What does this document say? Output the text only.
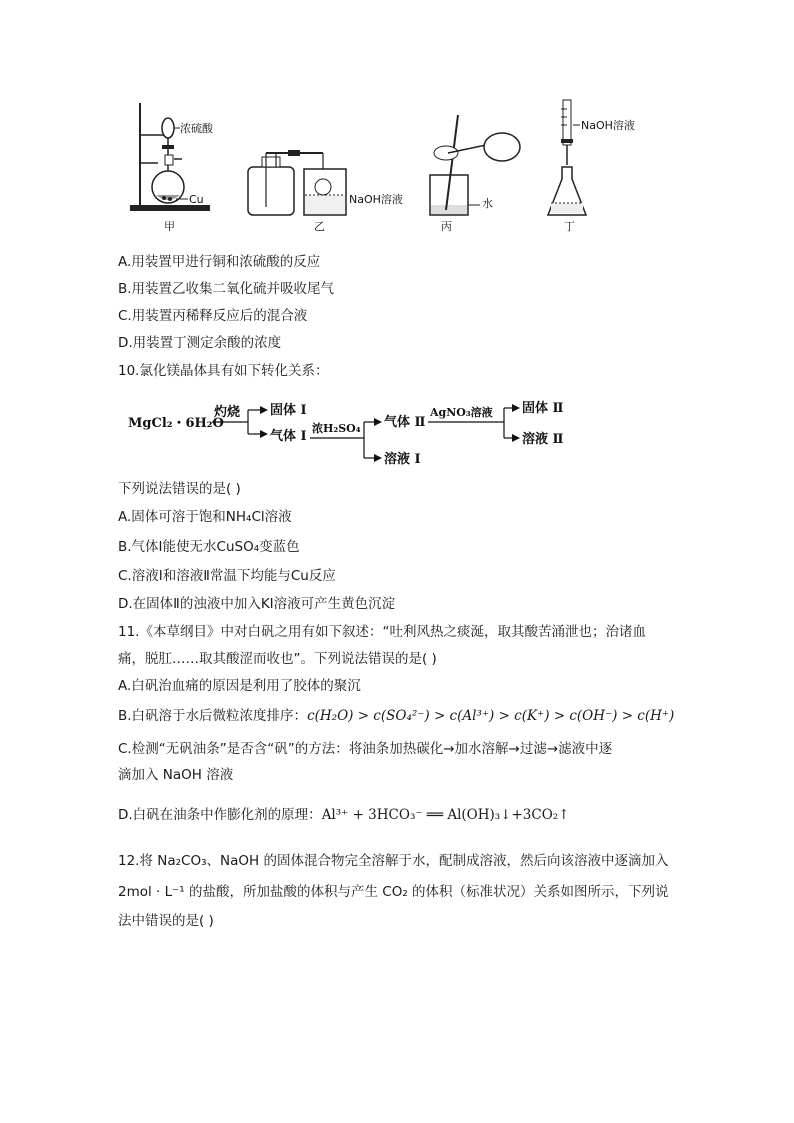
浓硫酸
Cu
甲
NaOH溶液
乙
水
丙
NaOH溶液
丁
A.用装置甲进行铜和浓硫酸的反应
B.用装置乙收集二氧化硫并吸收尾气
C.用装置丙稀释反应后的混合液
D.用装置丁测定余酸的浓度
10.氯化镁晶体具有如下转化关系：
MgCl₂・6H₂O
灼烧 固体 Ⅰ
气体 Ⅰ
浓H₂SO₄ 气体 Ⅱ
溶液 Ⅰ
AgNO₃溶液 固体 Ⅱ
溶液 Ⅱ
下列说法错误的是( )
A.固体可溶于饱和NH₄Cl溶液
B.气体Ⅰ能使无水CuSO₄变蓝色
C.溶液Ⅰ和溶液Ⅱ常温下均能与Cu反应
D.在固体Ⅱ的浊液中加入KI溶液可产生黄色沉淀
11.《本草纲目》中对白矾之用有如下叙述：“吐利风热之痰涎，取其酸苦涌泄也；治诸血
痛，脱肛……取其酸涩而收也”。下列说法错误的是( )
A.白矾治血痛的原因是利用了胶体的聚沉
B.白矾溶于水后微粒浓度排序：c(H₂O) > c(SO₄²⁻) > c(Al³⁺) > c(K⁺) > c(OH⁻) > c(H⁺)
C.检测“无矾油条”是否含“矾”的方法：将油条加热碳化→加水溶解→过滤→滤液中逐
滴加入 NaOH 溶液
D.白矾在油条中作膨化剂的原理：Al³⁺ + 3HCO₃⁻ ══ Al(OH)₃↓+3CO₂↑
12.将 Na₂CO₃、NaOH 的固体混合物完全溶解于水，配制成溶液，然后向该溶液中逐滴加入
2mol · L⁻¹ 的盐酸，所加盐酸的体积与产生 CO₂ 的体积（标准状况）关系如图所示，下列说
法中错误的是( )
